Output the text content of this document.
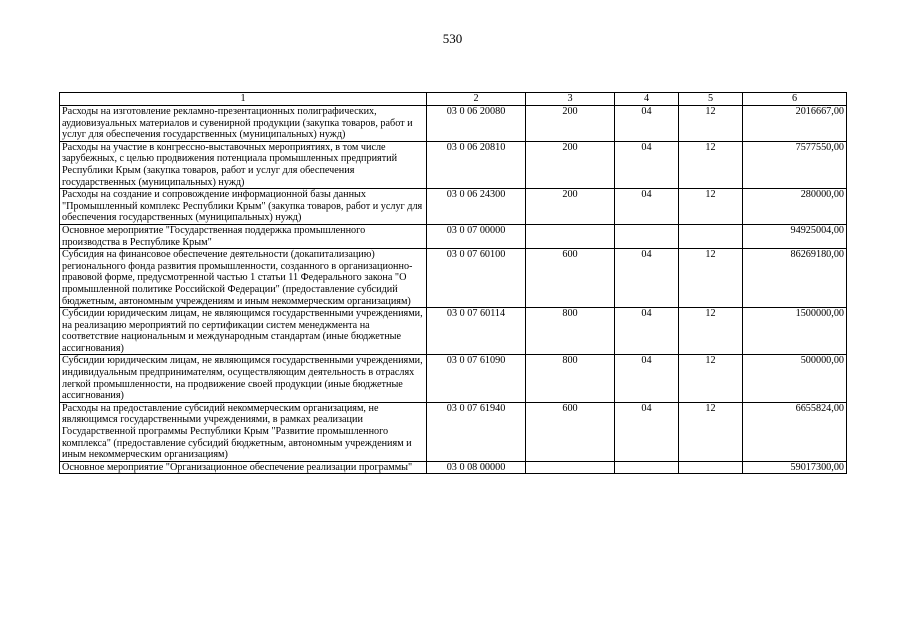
530
1	2	3	4	5	6
Расходы на изготовление рекламно-презентационных полиграфических, аудиовизуальных материалов и сувенирной продукции (закупка товаров, работ и услуг для обеспечения государственных (муниципальных) нужд)	03 0 06 20080	200	04	12	2016667,00
Расходы на участие в конгрессно-выставочных мероприятиях, в том числе зарубежных, с целью продвижения потенциала промышленных предприятий Республики Крым (закупка товаров, работ и услуг для обеспечения государственных (муниципальных) нужд)	03 0 06 20810	200	04	12	7577550,00
Расходы на создание и сопровождение информационной базы данных "Промышленный комплекс Республики Крым" (закупка товаров, работ и услуг для обеспечения государственных (муниципальных) нужд)	03 0 06 24300	200	04	12	280000,00
Основное мероприятие "Государственная поддержка промышленного производства в Республике Крым"	03 0 07 00000				94925004,00
Субсидия на финансовое обеспечение деятельности (докапитализацию) регионального фонда развития промышленности, созданного в организационно-правовой форме, предусмотренной частью 1 статьи 11 Федерального закона "О промышленной политике Российской Федерации" (предоставление субсидий бюджетным, автономным учреждениям и иным некоммерческим организациям)	03 0 07 60100	600	04	12	86269180,00
Субсидии юридическим лицам, не являющимся государственными учреждениями, на реализацию мероприятий по сертификации систем менеджмента на соответствие национальным и международным стандартам (иные бюджетные ассигнования)	03 0 07 60114	800	04	12	1500000,00
Субсидии юридическим лицам, не являющимся государственными учреждениями, индивидуальным предпринимателям, осуществляющим деятельность в отраслях легкой промышленности, на продвижение своей продукции (иные бюджетные ассигнования)	03 0 07 61090	800	04	12	500000,00
Расходы на предоставление субсидий некоммерческим организациям, не являющимся государственными учреждениями, в рамках реализации Государственной программы Республики Крым "Развитие промышленного комплекса" (предоставление субсидий бюджетным, автономным учреждениям и иным некоммерческим организациям)	03 0 07 61940	600	04	12	6655824,00
Основное мероприятие "Организационное обеспечение реализации программы"	03 0 08 00000				59017300,00
